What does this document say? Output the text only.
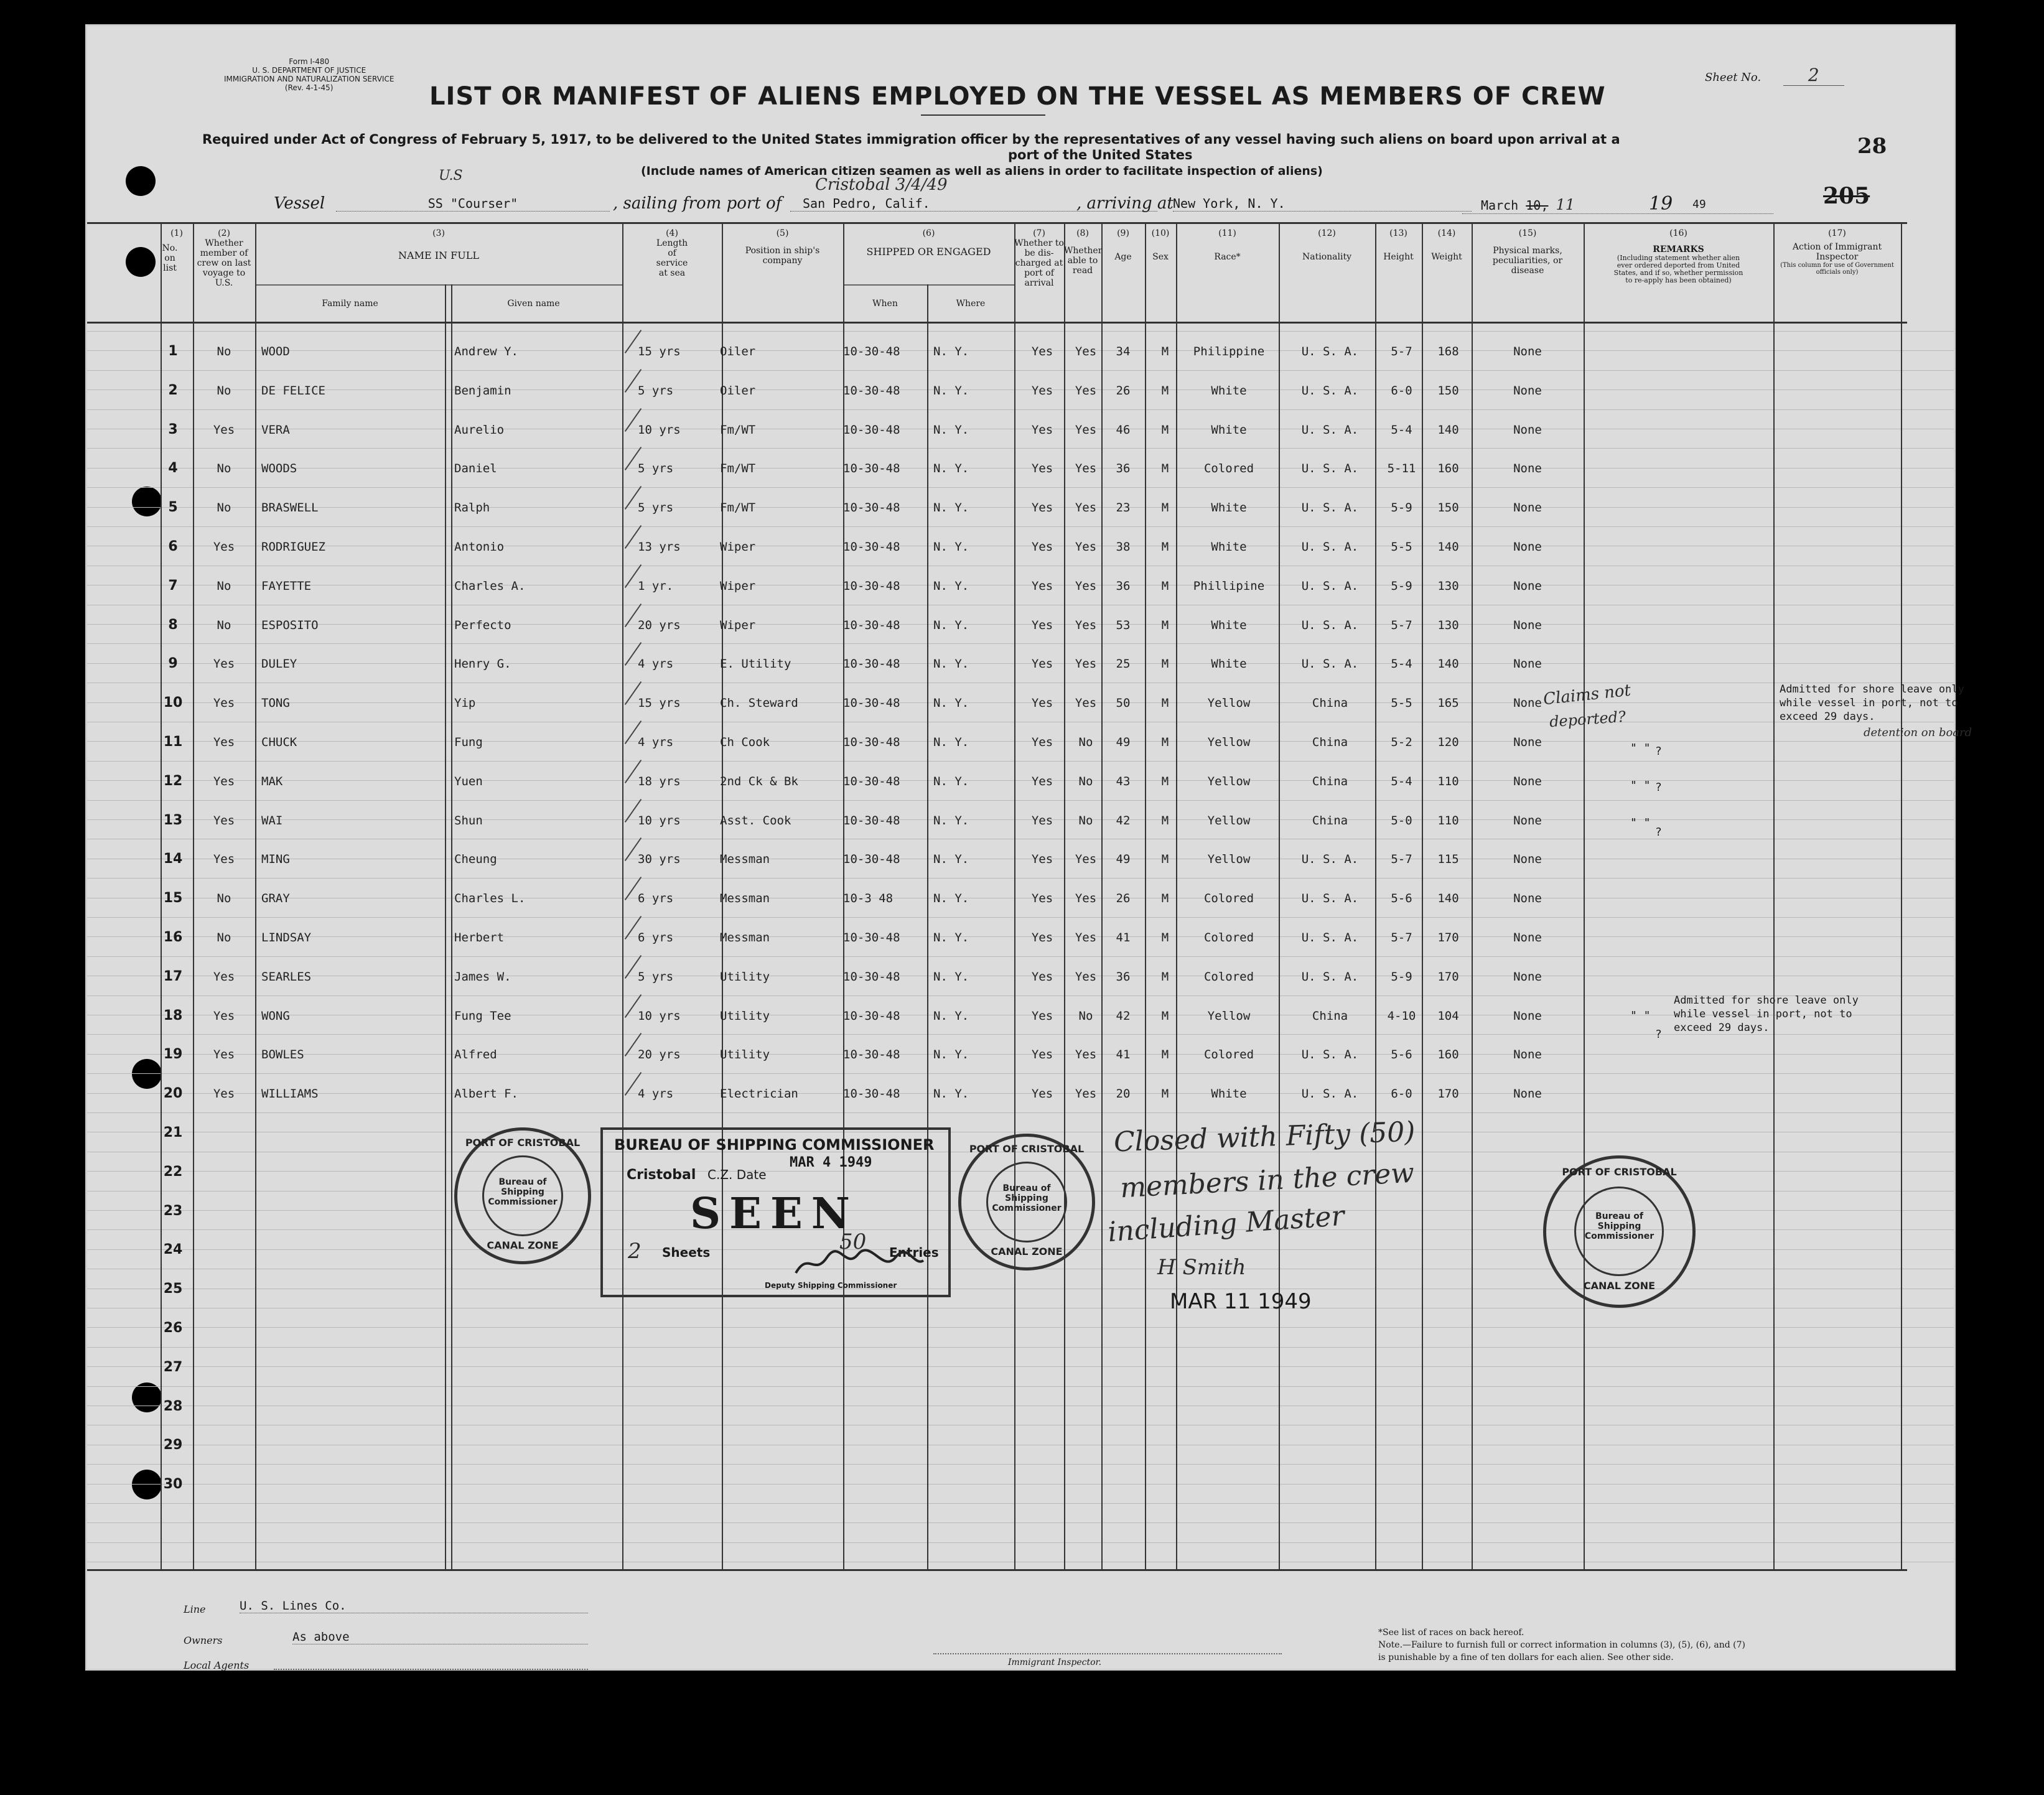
Form I-480
U. S. DEPARTMENT OF JUSTICE
IMMIGRATION AND NATURALIZATION SERVICE
(Rev. 4-1-45)
Sheet No.	2
LIST OR MANIFEST OF ALIENS EMPLOYED ON THE VESSEL AS MEMBERS OF CREW
Required under Act of Congress of February 5, 1917, to be delivered to the United States immigration officer by the representatives of any vessel having such aliens on board upon arrival at a
port of the United States	28
(Include names of American citizen seamen as well as aliens in order to facilitate inspection of aliens)
Vessel
U.S
SS "Courser"	, sailing from port of
Cristobal 3/4/49
San Pedro, Calif.	, arriving at New York, N. Y.	March 10, 11	19 49	205
(1)
No. on list
(2)
Whether member of crew on last voyage to U.S.
(3)
NAME IN FULL
Family name	Given name
(4)
Length of service at sea
(5)
Position in ship's company
(6)
SHIPPED OR ENGAGED
When	Where
(7)
Whether to be dis-charged at port of arrival
(8)
Whether able to read
(9)
Age
(10)
Sex
(11)
Race*
(12)
Nationality
(13)
Height
(14)
Weight
(15)
Physical marks, peculiarities, or disease
(16)
REMARKS
(Including statement whether alien ever ordered deported from United States, and if so, whether permission to re-apply has been obtained)
(17)
Action of Immigrant Inspector
(This column for use of Government officials only)
1	No	WOOD	Andrew Y.	15 yrs	Oiler	10-30-48	N. Y.	Yes	Yes	34	M	Philippine	U. S. A.	5-7	168	None
2	No	DE FELICE	Benjamin	5 yrs	Oiler	10-30-48	N. Y.	Yes	Yes	26	M	White	U. S. A.	6-0	150	None
3	Yes	VERA	Aurelio	10 yrs	Fm/WT	10-30-48	N. Y.	Yes	Yes	46	M	White	U. S. A.	5-4	140	None
4	No	WOODS	Daniel	5 yrs	Fm/WT	10-30-48	N. Y.	Yes	Yes	36	M	Colored	U. S. A.	5-11	160	None
5	No	BRASWELL	Ralph	5 yrs	Fm/WT	10-30-48	N. Y.	Yes	Yes	23	M	White	U. S. A.	5-9	150	None
6	Yes	RODRIGUEZ	Antonio	13 yrs	Wiper	10-30-48	N. Y.	Yes	Yes	38	M	White	U. S. A.	5-5	140	None
7	No	FAYETTE	Charles A.	1 yr.	Wiper	10-30-48	N. Y.	Yes	Yes	36	M	Phillipine	U. S. A.	5-9	130	None
8	No	ESPOSITO	Perfecto	20 yrs	Wiper	10-30-48	N. Y.	Yes	Yes	53	M	White	U. S. A.	5-7	130	None
9	Yes	DULEY	Henry G.	4 yrs	E. Utility	10-30-48	N. Y.	Yes	Yes	25	M	White	U. S. A.	5-4	140	None
10	Yes	TONG	Yip	15 yrs	Ch. Steward	10-30-48	N. Y.	Yes	Yes	50	M	Yellow	China	5-5	165	None
11	Yes	CHUCK	Fung	4 yrs	Ch Cook	10-30-48	N. Y.	Yes	No	49	M	Yellow	China	5-2	120	None
12	Yes	MAK	Yuen	18 yrs	2nd Ck & Bk	10-30-48	N. Y.	Yes	No	43	M	Yellow	China	5-4	110	None
13	Yes	WAI	Shun	10 yrs	Asst. Cook	10-30-48	N. Y.	Yes	No	42	M	Yellow	China	5-0	110	None
14	Yes	MING	Cheung	30 yrs	Messman	10-30-48	N. Y.	Yes	Yes	49	M	Yellow	U. S. A.	5-7	115	None
15	No	GRAY	Charles L.	6 yrs	Messman	10-3 48	N. Y.	Yes	Yes	26	M	Colored	U. S. A.	5-6	140	None
16	No	LINDSAY	Herbert	6 yrs	Messman	10-30-48	N. Y.	Yes	Yes	41	M	Colored	U. S. A.	5-7	170	None
17	Yes	SEARLES	James W.	5 yrs	Utility	10-30-48	N. Y.	Yes	Yes	36	M	Colored	U. S. A.	5-9	170	None
18	Yes	WONG	Fung Tee	10 yrs	Utility	10-30-48	N. Y.	Yes	No	42	M	Yellow	China	4-10	104	None
19	Yes	BOWLES	Alfred	20 yrs	Utility	10-30-48	N. Y.	Yes	Yes	41	M	Colored	U. S. A.	5-6	160	None
20	Yes	WILLIAMS	Albert F.	4 yrs	Electrician	10-30-48	N. Y.	Yes	Yes	20	M	White	U. S. A.	6-0	170	None
21
22
23
24
25
26
27
28
29
30
Claims not
deported?
" " ?
" " ?
" "
?
Admitted for shore leave only
while vessel in port, not to
exceed 29 days.
detention on board
" "
?
Admitted for shore leave only
while vessel in port, not to
exceed 29 days.
PORT OF CRISTOBAL
Bureau of Shipping Commissioner
CANAL ZONE
BUREAU OF SHIPPING COMMISSIONER
Cristobal C.Z. Date
MAR 4 1949
SEEN
2 Sheets	50 Entries
Deputy Shipping Commissioner
PORT OF CRISTOBAL
Bureau of Shipping Commissioner
CANAL ZONE
PORT OF CRISTOBAL
Bureau of Shipping Commissioner
CANAL ZONE
Closed with Fifty (50)
members in the crew
including Master
H Smith
MAR 11 1949
Line	U. S. Lines Co.
Owners	As above
Local Agents	Immigrant Inspector.
*See list of races on back hereof.
Note.—Failure to furnish full or correct information in columns (3), (5), (6), and (7)
is punishable by a fine of ten dollars for each alien. See other side.
